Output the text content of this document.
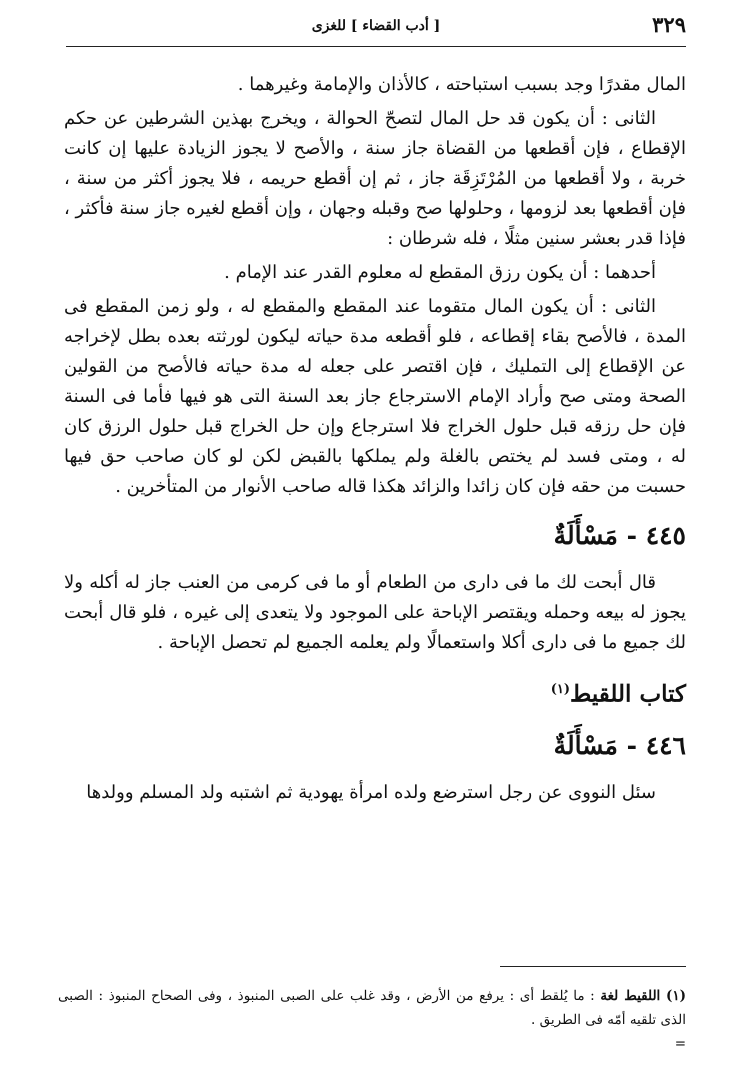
٣٢٩
[ أدب القضاء ] للغزى

المال مقدرًا وجد بسبب استباحته ، كالأذان والإمامة وغيرهما .

الثانى : أن يكون قد حل المال لتصحّ الحوالة ، ويخرج بهذين الشرطين عن حكم الإقطاع ، فإن أقطعها من القضاة جاز سنة ، والأصح لا يجوز الزيادة عليها إن كانت خربة ، ولا أقطعها من المُرْتَزِقَة جاز ، ثم إن أقطع حريمه ، فلا يجوز أكثر من سنة ، فإن أقطعها بعد لزومها ، وحلولها صح وقبله وجهان ، وإن أقطع لغيره جاز سنة فأكثر ، فإذا قدر بعشر سنين مثلًا ، فله شرطان :

أحدهما : أن يكون رزق المقطع له معلوم القدر عند الإمام .

الثانى : أن يكون المال متقوما عند المقطع والمقطع له ، ولو زمن المقطع فى المدة ، فالأصح بقاء إقطاعه ، فلو أقطعه مدة حياته ليكون لورثته بعده بطل لإخراجه عن الإقطاع إلى التمليك ، فإن اقتصر على جعله له مدة حياته فالأصح من القولين الصحة ومتى صح وأراد الإمام الاسترجاع جاز بعد السنة التى هو فيها فأما فى السنة فإن حل رزقه قبل حلول الخراج فلا استرجاع وإن حل الخراج قبل حلول الرزق كان له ، ومتى فسد لم يختص بالغلة ولم يملكها بالقبض لكن لو كان صاحب حق فيها حسبت من حقه فإن كان زائدا والزائد هكذا قاله صاحب الأنوار من المتأخرين .

٤٤٥ - مَسْأَلَةٌ

قال أبحت لك ما فى دارى من الطعام أو ما فى كرمى من العنب جاز له أكله ولا يجوز له بيعه وحمله ويقتصر الإباحة على الموجود ولا يتعدى إلى غيره ، فلو قال أبحت لك جميع ما فى دارى أكلا واستعمالًا ولم يعلمه الجميع لم تحصل الإباحة .

كتاب اللقيط$^{(١)}$
٤٤٦ - مَسْأَلَةٌ

سئل النووى عن رجل استرضع ولده امرأة يهودية ثم اشتبه ولد المسلم وولدها

(١) اللقيط لغة : ما يُلقط أى : يرفع من الأرض ، وقد غلب على الصبى المنبوذ ، وفى الصحاح المنبوذ : الصبى الذى تلقيه أمّه فى الطريق .
=
